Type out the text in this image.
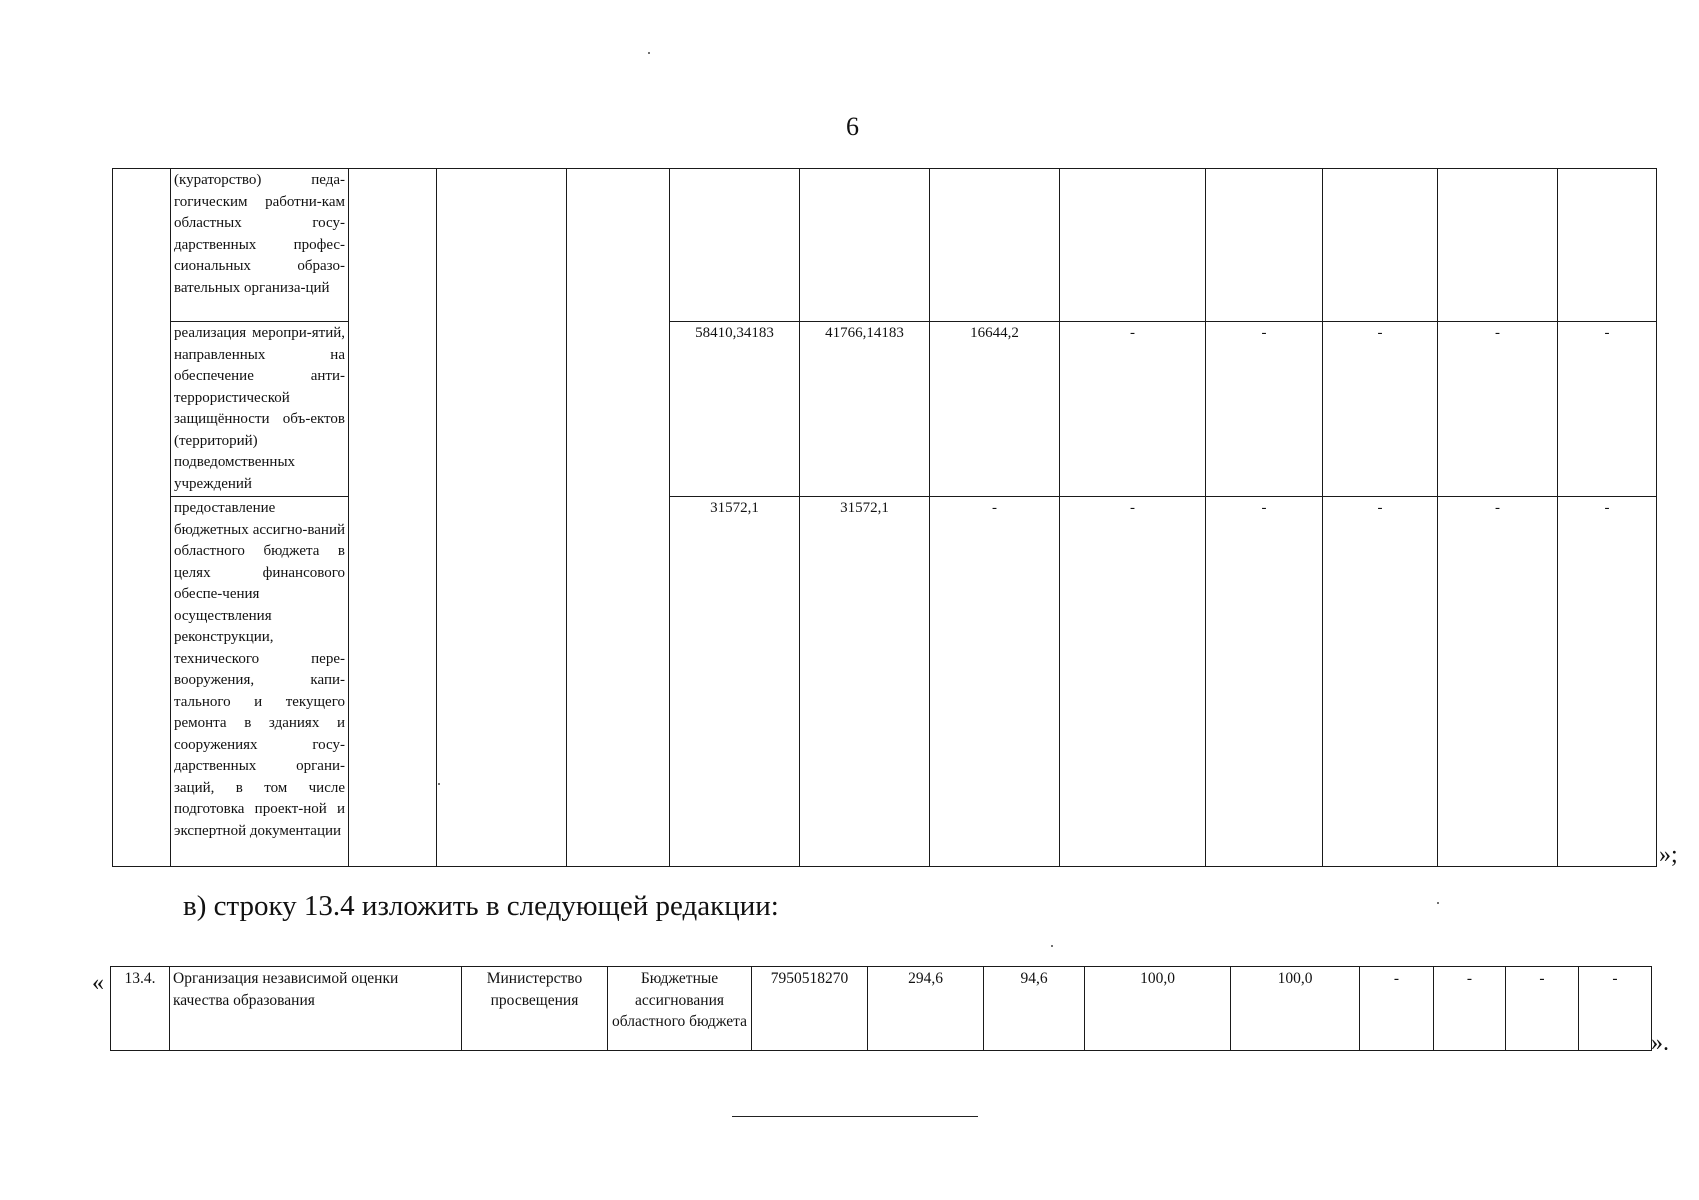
6
	(кураторство) педа-гогическим работни-кам областных госу-дарственных профес-сиональных образо-вательных организа-ций											
	реализация меропри-ятий, направленных на обеспечение анти-террористической защищённости объ-ектов (территорий) подведомственных учреждений				58410,34183	41766,14183	16644,2	-	-	-	-	-
	предоставление бюджетных ассигно-ваний областного бюджета в целях финансового обеспе-чения осуществления реконструкции, технического пере-вооружения, капи-тального и текущего ремонта в зданиях и сооружениях госу-дарственных органи-заций, в том числе подготовка проект-ной и экспертной документации				31572,1	31572,1	-	-	-	-	-	-
»;
в) строку 13.4 изложить в следующей редакции:
« 13.4.	Организация независимой оценки качества образования	Министерство просвещения	Бюджетные ассигнования областного бюджета	7950518270	294,6	94,6	100,0	100,0	-	-	-	-
».
